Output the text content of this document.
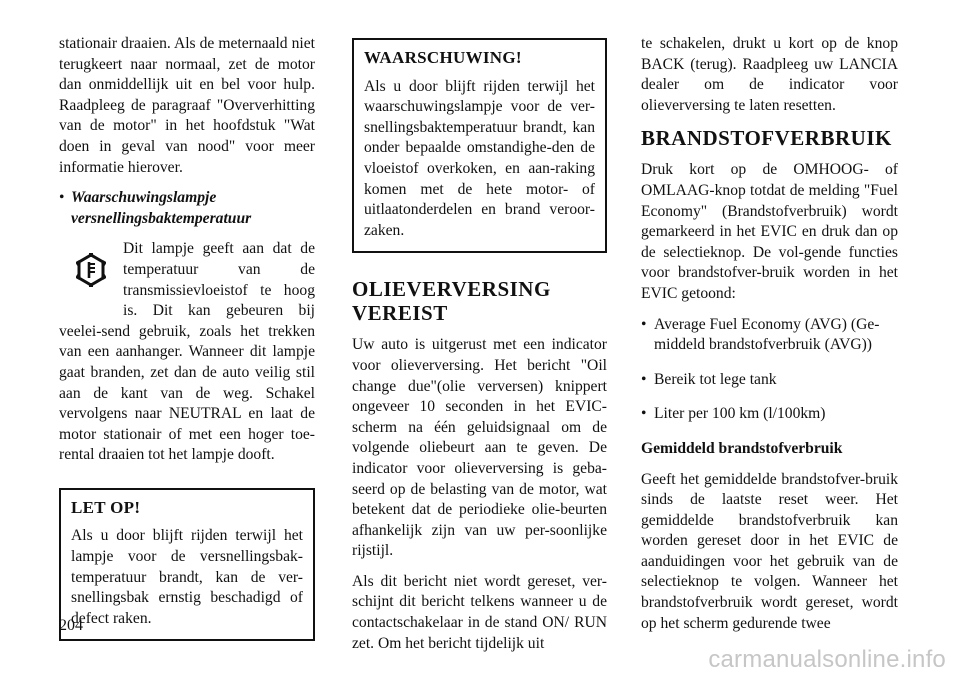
stationair draaien. Als de meternaald niet terugkeert naar normaal, zet de motor dan onmiddellijk uit en bel voor hulp. Raadpleeg de paragraaf "Oververhitting van de motor" in het hoofdstuk "Wat doen in geval van nood" voor meer informatie hierover.

• Waarschuwingslampje versnellingsbaktemperatuur
Dit lampje geeft aan dat de temperatuur van de transmissievloeistof te hoog is. Dit kan gebeuren bij veelei-send gebruik, zoals het trekken van een aanhanger. Wanneer dit lampje gaat branden, zet dan de auto veilig stil aan de kant van de weg. Schakel vervolgens naar NEUTRAL en laat de motor stationair of met een hoger toe-rental draaien tot het lampje dooft.
LET OP!

Als u door blijft rijden terwijl het lampje voor de versnellingsbak-temperatuur brandt, kan de ver-snellingsbak ernstig beschadigd of defect raken.

WAARSCHUWING!

Als u door blijft rijden terwijl het waarschuwingslampje voor de ver-snellingsbaktemperatuur brandt, kan onder bepaalde omstandighe-den de vloeistof overkoken, en aan-raking komen met de hete motor- of uitlaatonderdelen en brand veroor-zaken.

OLIEVERVERSING VEREIST

Uw auto is uitgerust met een indicator voor olieverversing. Het bericht "Oil change due"(olie verversen) knippert ongeveer 10 seconden in het EVIC-scherm na één geluidsignaal om de volgende oliebeurt aan te geven. De indicator voor olieverversing is geba-seerd op de belasting van de motor, wat betekent dat de periodieke olie-beurten afhankelijk zijn van uw per-soonlijke rijstijl.

Als dit bericht niet wordt gereset, ver-schijnt dit bericht telkens wanneer u de contactschakelaar in de stand ON/ RUN zet. Om het bericht tijdelijk uit

te schakelen, drukt u kort op de knop BACK (terug). Raadpleeg uw LANCIA dealer om de indicator voor olieverversing te laten resetten.

BRANDSTOFVERBRUIK

Druk kort op de OMHOOG- of OMLAAG-knop totdat de melding "Fuel Economy" (Brandstofverbruik) wordt gemarkeerd in het EVIC en druk dan op de selectieknop. De vol-gende functies voor brandstofver-bruik worden in het EVIC getoond:

• Average Fuel Economy (AVG) (Ge-middeld brandstofverbruik (AVG))
• Bereik tot lege tank
• Liter per 100 km (l/100km)
Gemiddeld brandstofverbruik

Geeft het gemiddelde brandstofver-bruik sinds de laatste reset weer. Het gemiddelde brandstofverbruik kan worden gereset door in het EVIC de aanduidingen voor het gebruik van de selectieknop te volgen. Wanneer het brandstofverbruik wordt gereset, wordt op het scherm gedurende twee

204
carmanualsonline.info
